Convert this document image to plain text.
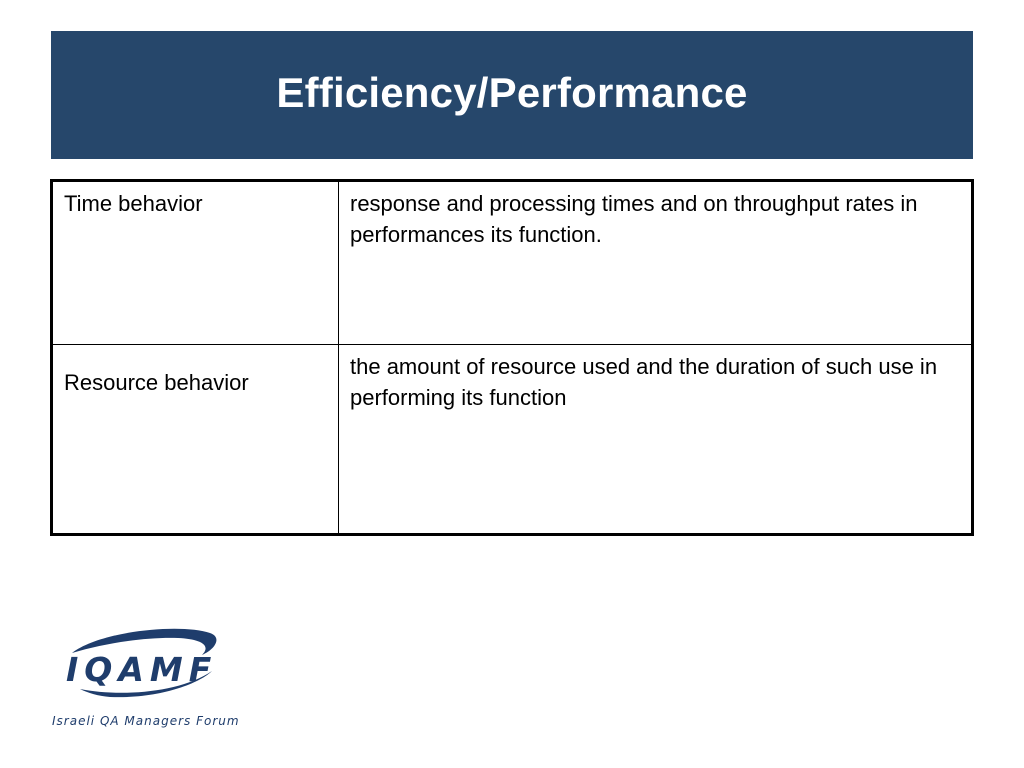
Efficiency/Performance
Time behavior	response and processing times and on throughput rates in performances its function.
Resource behavior	the amount of resource used and the duration of such use in performing its function
IQAMF
Israeli QA Managers Forum
